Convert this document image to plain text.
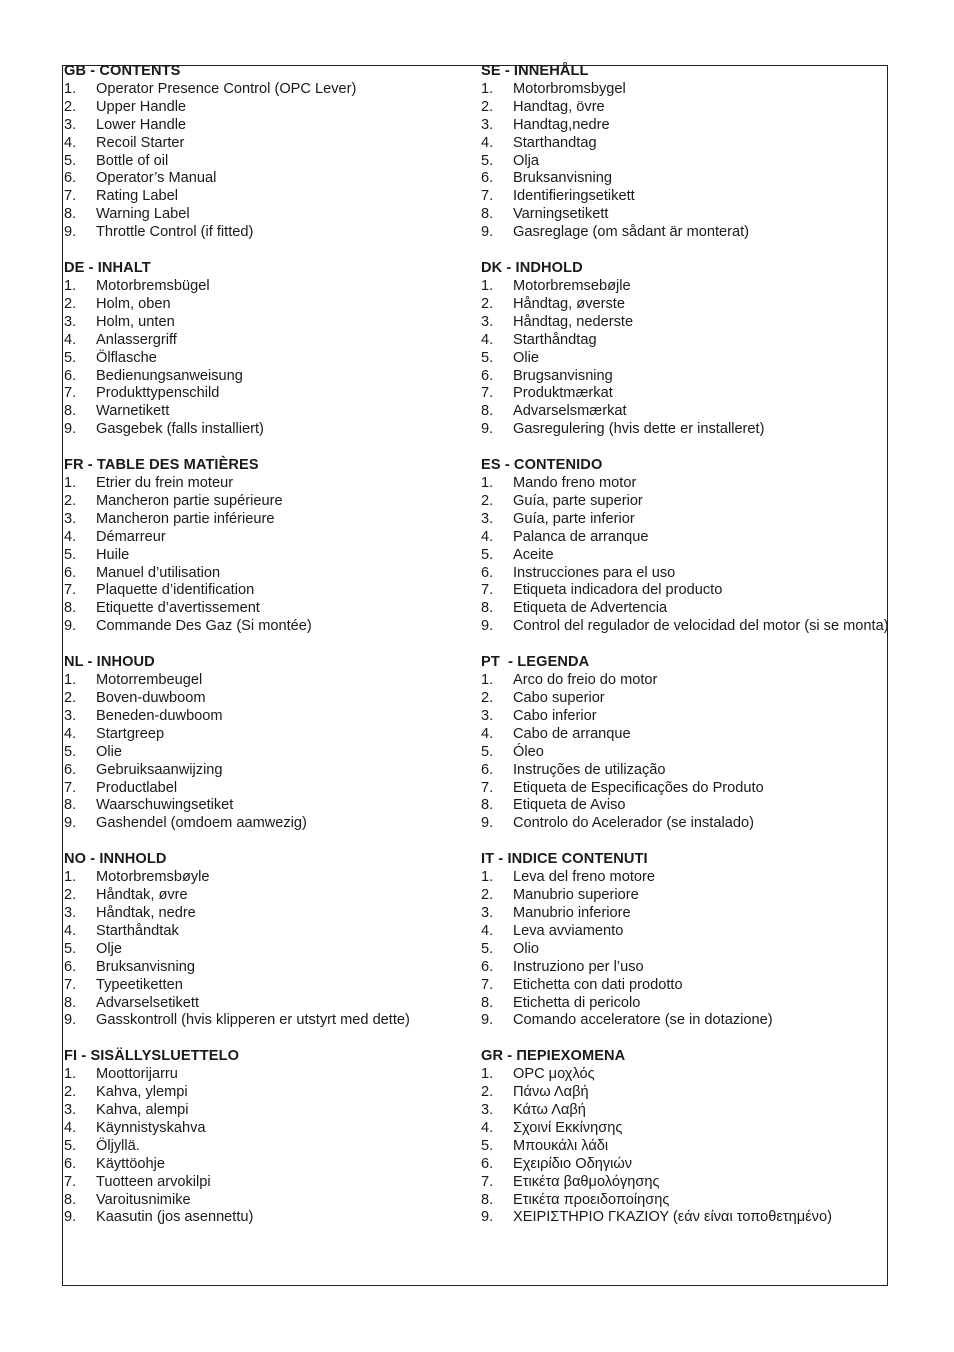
GB - CONTENTS
1.	Operator Presence Control (OPC Lever)
2.	Upper Handle
3.	Lower Handle
4.	Recoil Starter
5.	Bottle of oil
6.	Operator’s Manual
7.	Rating Label
8.	Warning Label
9.	Throttle Control (if fitted)
DE - INHALT
1.	Motorbremsbügel
2.	Holm, oben
3.	Holm, unten
4.	Anlassergriff
5.	Ölflasche
6.	Bedienungsanweisung
7.	Produkttypenschild
8.	Warnetikett
9.	Gasgebek (falls installiert)
FR - TABLE DES MATIÈRES
1.	Etrier du frein moteur
2.	Mancheron partie supérieure
3.	Mancheron partie inférieure
4.	Démarreur
5.	Huile
6.	Manuel d’utilisation
7.	Plaquette d’identification
8.	Etiquette d’avertissement
9.	Commande Des Gaz (Si montée)
NL - INHOUD
1.	Motorrembeugel
2.	Boven-duwboom
3.	Beneden-duwboom
4.	Startgreep
5.	Olie
6.	Gebruiksaanwijzing
7.	Productlabel
8.	Waarschuwingsetiket
9.	Gashendel (omdoem aamwezig)
NO - INNHOLD
1.	Motorbremsbøyle
2.	Håndtak, øvre
3.	Håndtak, nedre
4.	Starthåndtak
5.	Olje
6.	Bruksanvisning
7.	Typeetiketten
8.	Advarselsetikett
9.	Gasskontroll (hvis klipperen er utstyrt med dette)
FI - SISÄLLYSLUETTELO
1.	Moottorijarru
2.	Kahva, ylempi
3.	Kahva, alempi
4.	Käynnistyskahva
5.	Öljyllä.
6.	Käyttöohje
7.	Tuotteen arvokilpi
8.	Varoitusnimike
9.	Kaasutin (jos asennettu)
SE - INNEHÅLL
1.	Motorbromsbygel
2.	Handtag, övre
3.	Handtag,nedre
4.	Starthandtag
5.	Olja
6.	Bruksanvisning
7.	Identifieringsetikett
8.	Varningsetikett
9.	Gasreglage (om sådant är monterat)
DK - INDHOLD
1.	Motorbremsebøjle
2.	Håndtag, øverste
3.	Håndtag, nederste
4.	Starthåndtag
5.	Olie
6.	Brugsanvisning
7.	Produktmærkat
8.	Advarselsmærkat
9.	Gasregulering (hvis dette er installeret)
ES - CONTENIDO
1.	Mando freno motor
2.	Guía, parte superior
3.	Guía, parte inferior
4.	Palanca de arranque
5.	Aceite
6.	Instrucciones para el uso
7.	Etiqueta indicadora del producto
8.	Etiqueta de Advertencia
9.	Control del regulador de velocidad del motor (si se monta)
PT  - LEGENDA
1.	Arco do freio do motor
2.	Cabo superior
3.	Cabo inferior
4.	Cabo de arranque
5.	Óleo
6.	Instruções de utilização
7.	Etiqueta de Especificações do Produto
8.	Etiqueta de Aviso
9.	Controlo do Acelerador (se instalado)
IT - INDICE CONTENUTI
1.	Leva del freno motore
2.	Manubrio superiore
3.	Manubrio inferiore
4.	Leva avviamento
5.	Olio
6.	Instruziono per l’uso
7.	Etichetta con dati prodotto
8.	Etichetta di pericolo
9.	Comando acceleratore (se in dotazione)
GR - ΠΕΡΙΕΧΟΜΕΝΑ
1.	OPC μοχλός
2.	Πάνω Λαβή
3.	Κάτω Λαβή
4.	Σχοινί Εκκίνησης
5.	Μπουκάλι λάδι
6.	Εχειρίδιο Οδηγιών
7.	Ετικέτα βαθμολόγησης
8.	Ετικέτα προειδοποίησης
9.	ΧΕΙΡΙΣΤΗΡΙΟ ΓΚΑΖΙΟΥ (εάν είναι τοποθετημένο)
